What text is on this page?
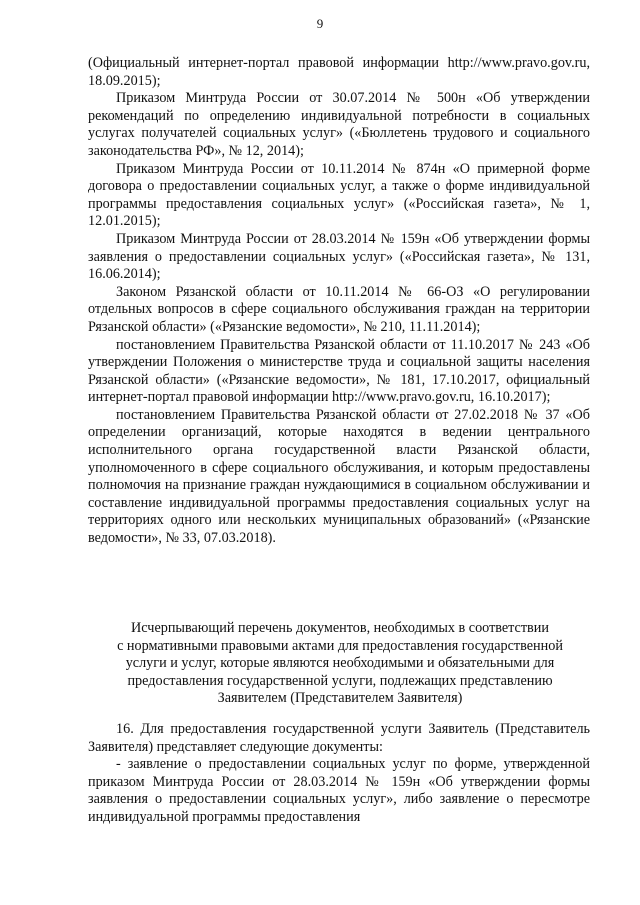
9

(Официальный интернет-портал правовой информации http://www.pravo.gov.ru, 18.09.2015);

Приказом Минтруда России от 30.07.2014 № 500н «Об утверждении рекомендаций по определению индивидуальной потребности в социальных услугах получателей социальных услуг» («Бюллетень трудового и социального законодательства РФ», № 12, 2014);

Приказом Минтруда России от 10.11.2014 № 874н «О примерной форме договора о предоставлении социальных услуг, а также о форме индивидуальной программы предоставления социальных услуг» («Российская газета», № 1, 12.01.2015);

Приказом Минтруда России от 28.03.2014 № 159н «Об утверждении формы заявления о предоставлении социальных услуг» («Российская газета», № 131, 16.06.2014);

Законом Рязанской области от 10.11.2014 № 66-ОЗ «О регулировании отдельных вопросов в сфере социального обслуживания граждан на территории Рязанской области» («Рязанские ведомости», № 210, 11.11.2014);

постановлением Правительства Рязанской области от 11.10.2017 № 243 «Об утверждении Положения о министерстве труда и социальной защиты населения Рязанской области» («Рязанские ведомости», № 181, 17.10.2017, официальный интернет-портал правовой информации http://www.pravo.gov.ru, 16.10.2017);

постановлением Правительства Рязанской области от 27.02.2018 № 37 «Об определении организаций, которые находятся в ведении центрального исполнительного органа государственной власти Рязанской области, уполномоченного в сфере социального обслуживания, и которым предоставлены полномочия на признание граждан нуждающимися в социальном обслуживании и составление индивидуальной программы предоставления социальных услуг на территориях одного или нескольких муниципальных образований» («Рязанские ведомости», № 33, 07.03.2018).

Исчерпывающий перечень документов, необходимых в соответствии

с нормативными правовыми актами для предоставления государственной

услуги и услуг, которые являются необходимыми и обязательными для

предоставления государственной услуги, подлежащих представлению

Заявителем (Представителем Заявителя)

16. Для предоставления государственной услуги Заявитель (Представитель Заявителя) представляет следующие документы:

- заявление о предоставлении социальных услуг по форме, утвержденной приказом Минтруда России от 28.03.2014 № 159н «Об утверждении формы заявления о предоставлении социальных услуг», либо заявление о пересмотре индивидуальной программы предоставления
